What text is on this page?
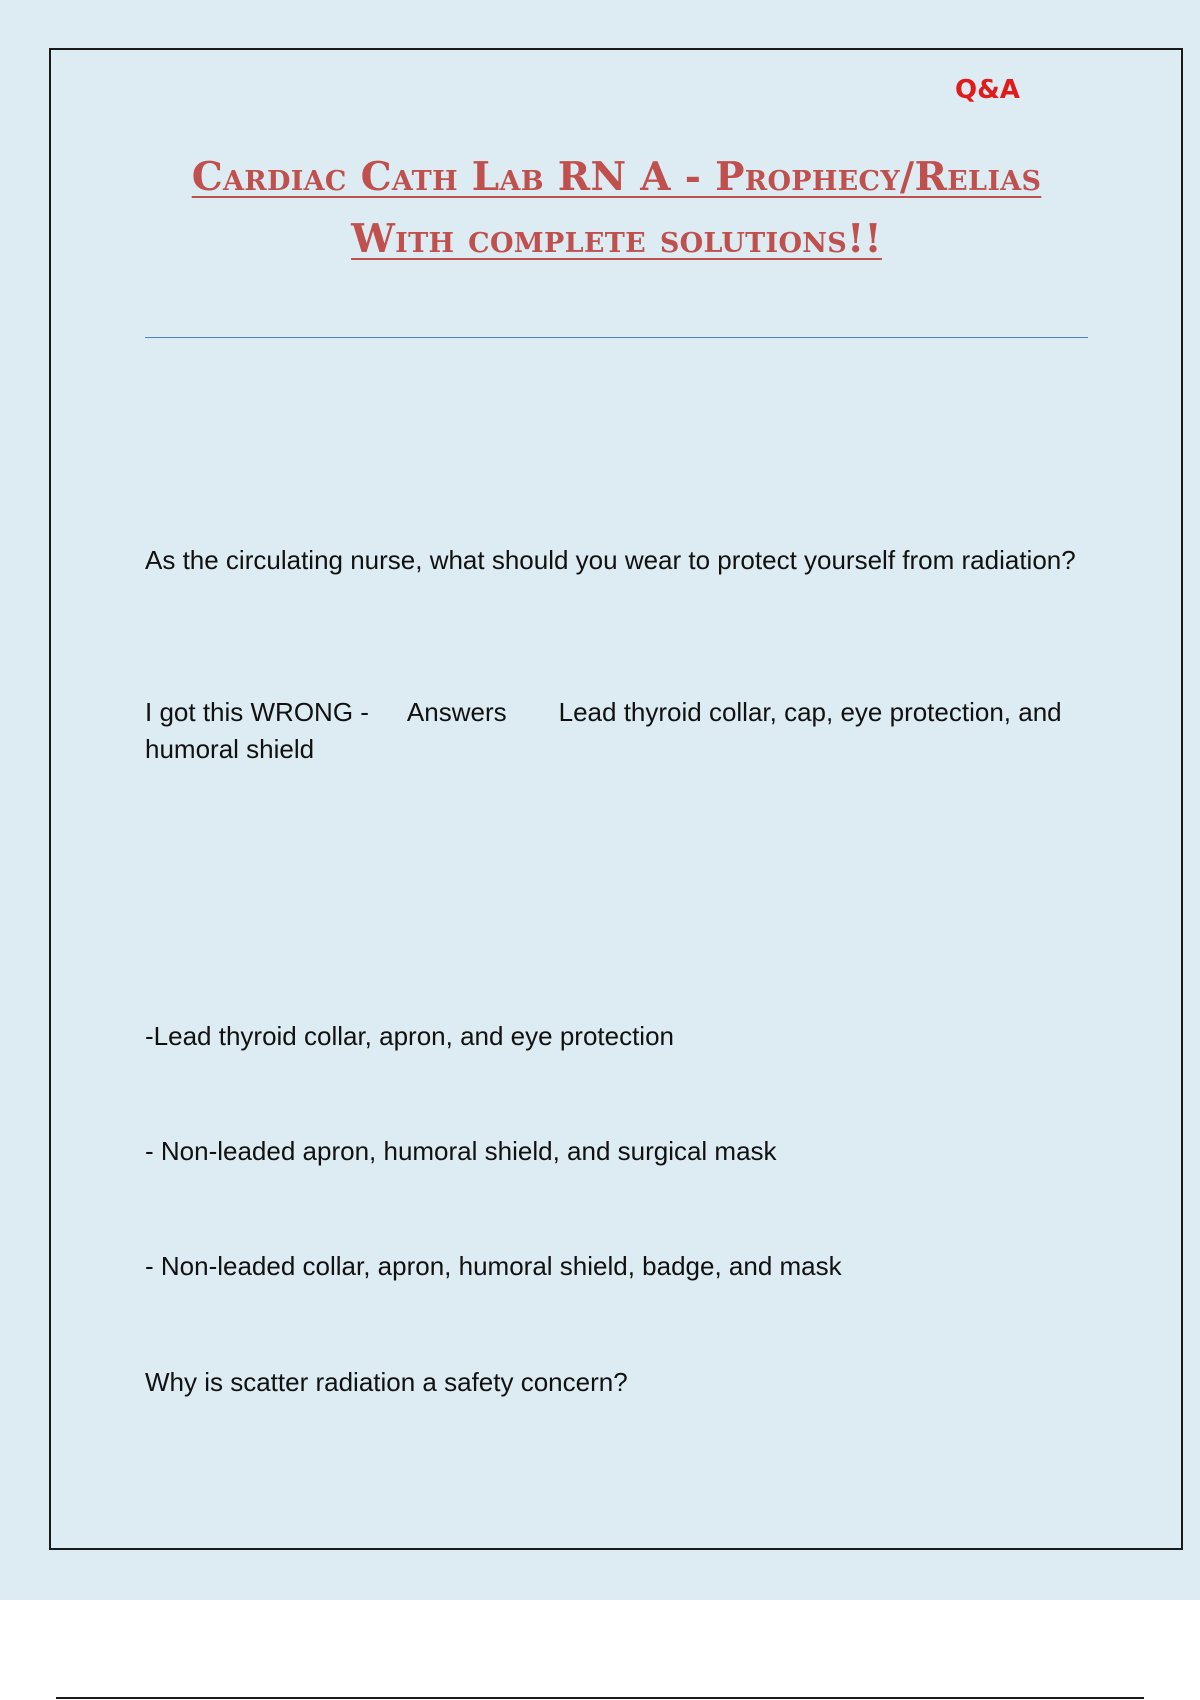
Q&A
Cardiac Cath Lab RN A - Prophecy/Relias With complete solutions!!

As the circulating nurse, what should you wear to protect yourself from radiation?

I got this WRONG - Answers Lead thyroid collar, cap, eye protection, and humoral shield

-Lead thyroid collar, apron, and eye protection

- Non-leaded apron, humoral shield, and surgical mask

- Non-leaded collar, apron, humoral shield, badge, and mask

Why is scatter radiation a safety concern?
